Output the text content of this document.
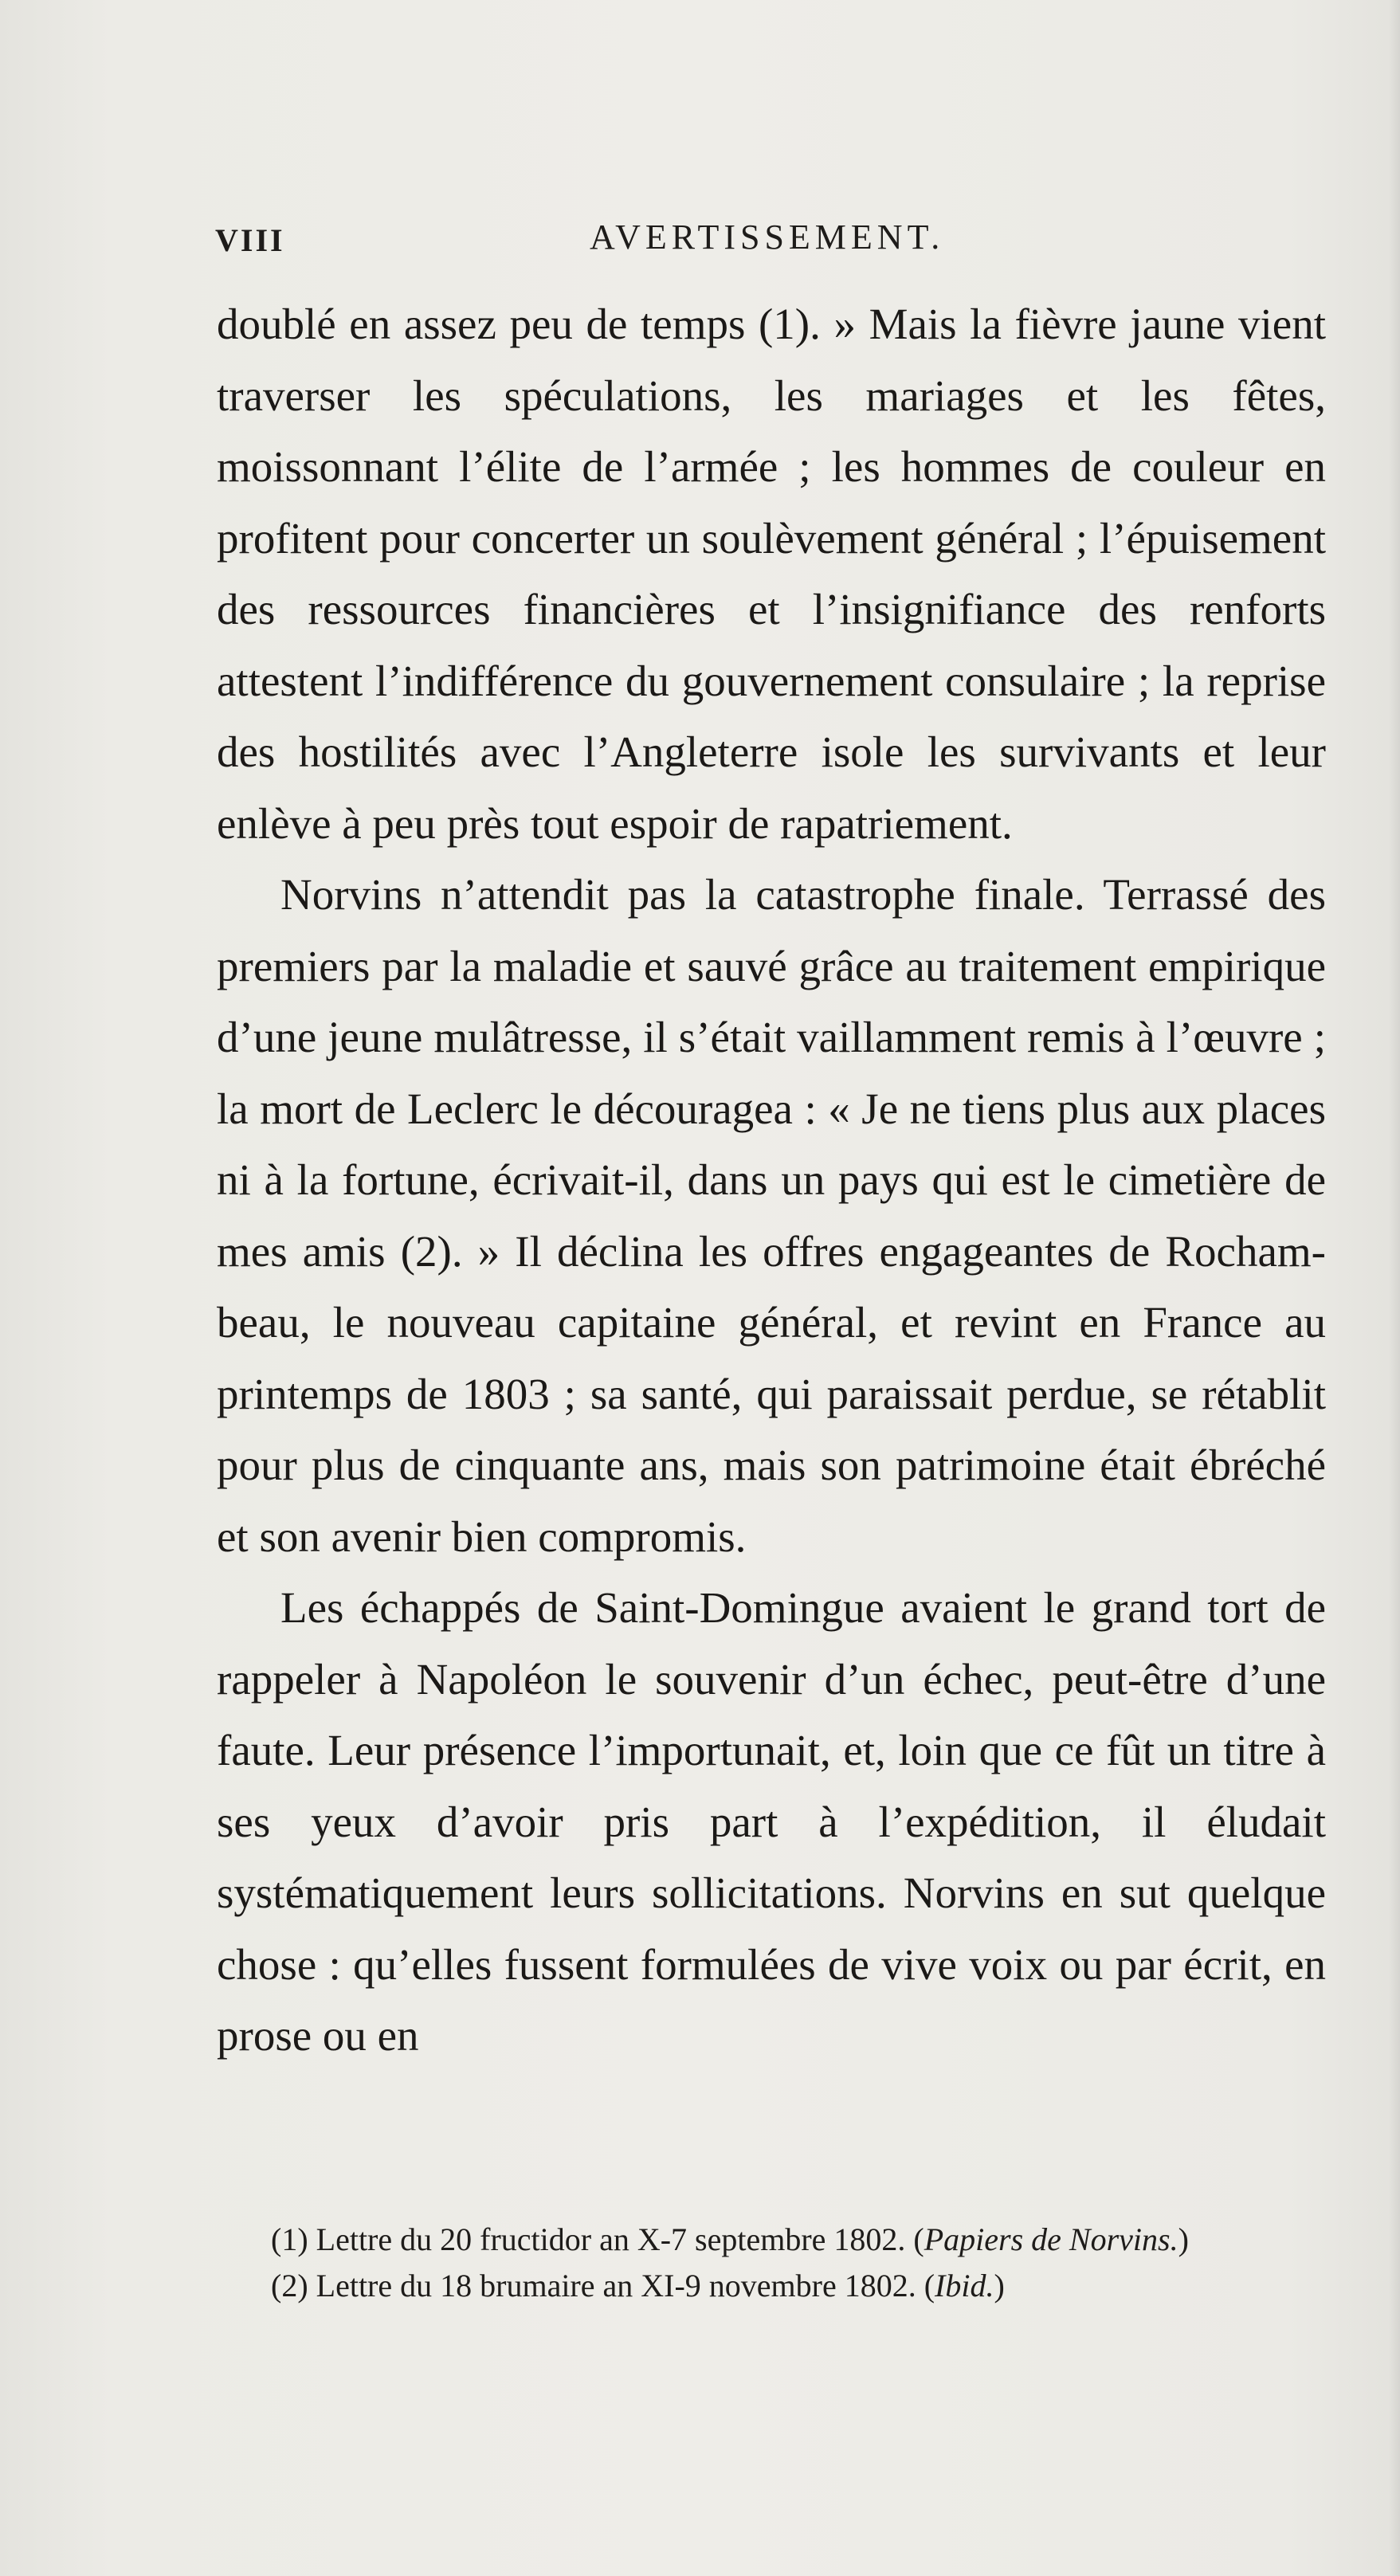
VIII	AVERTISSEMENT.

doublé en assez peu de temps (1). » Mais la fièvre jaune vient traverser les spéculations, les mariages et les fêtes, moissonnant l’élite de l’armée ; les hommes de couleur en profitent pour concerter un soulèvement général ; l’épuisement des ressources financières et l’insignifiance des renforts attestent l’indifférence du gouvernement consulaire ; la reprise des hostilités avec l’Angleterre isole les survivants et leur enlève à peu près tout espoir de rapatriement.

Norvins n’attendit pas la catastrophe finale. Terrassé des premiers par la maladie et sauvé grâce au traitement empirique d’une jeune mulâtresse, il s’était vaillamment remis à l’œuvre ; la mort de Leclerc le découragea : « Je ne tiens plus aux places ni à la fortune, écrivait-il, dans un pays qui est le cimetière de mes amis (2). » Il déclina les offres engageantes de Rochambeau, le nouveau capitaine général, et revint en France au printemps de 1803 ; sa santé, qui paraissait perdue, se rétablit pour plus de cinquante ans, mais son patrimoine était ébréché et son avenir bien compromis.

Les échappés de Saint-Domingue avaient le grand tort de rappeler à Napoléon le souvenir d’un échec, peut-être d’une faute. Leur présence l’importunait, et, loin que ce fût un titre à ses yeux d’avoir pris part à l’expédition, il éludait systématiquement leurs sollicitations. Norvins en sut quelque chose : qu’elles fussent formulées de vive voix ou par écrit, en prose ou en

(1) Lettre du 20 fructidor an X-7 septembre 1802. (Papiers de Norvins.)

(2) Lettre du 18 brumaire an XI-9 novembre 1802. (Ibid.)
